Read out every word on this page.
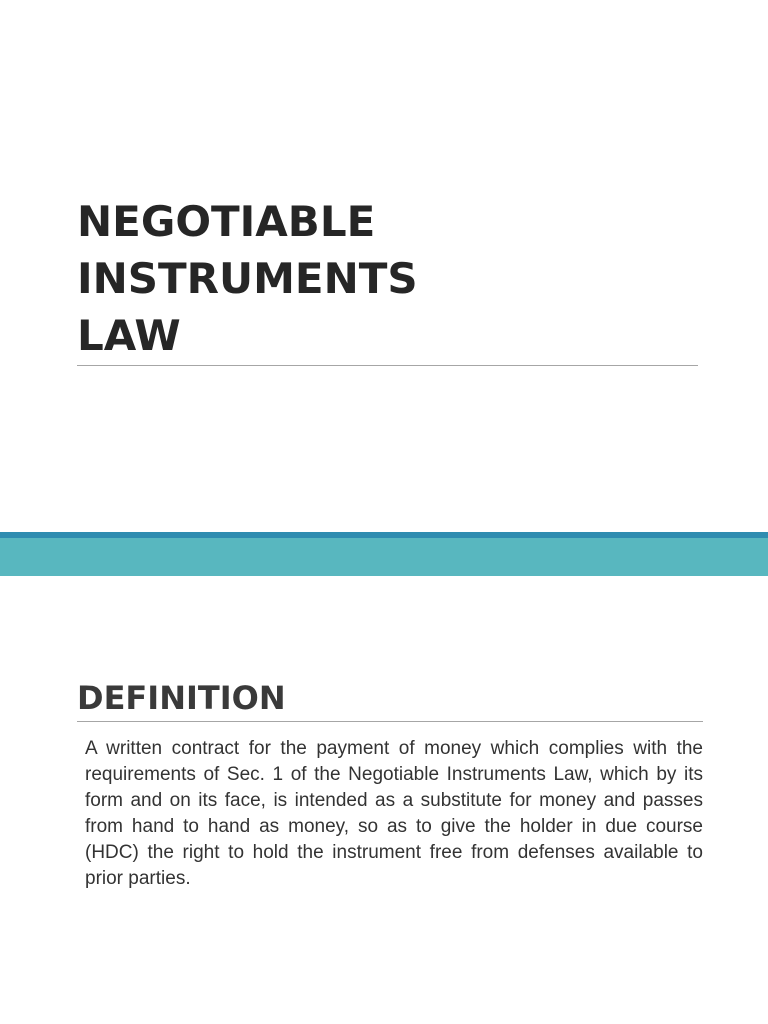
NEGOTIABLE
INSTRUMENTS
LAW
DEFINITION

A written contract for the payment of money which complies with the requirements of Sec. 1 of the Negotiable Instruments Law, which by its form and on its face, is intended as a substitute for money and passes from hand to hand as money, so as to give the holder in due course (HDC) the right to hold the instrument free from defenses available to prior parties.
